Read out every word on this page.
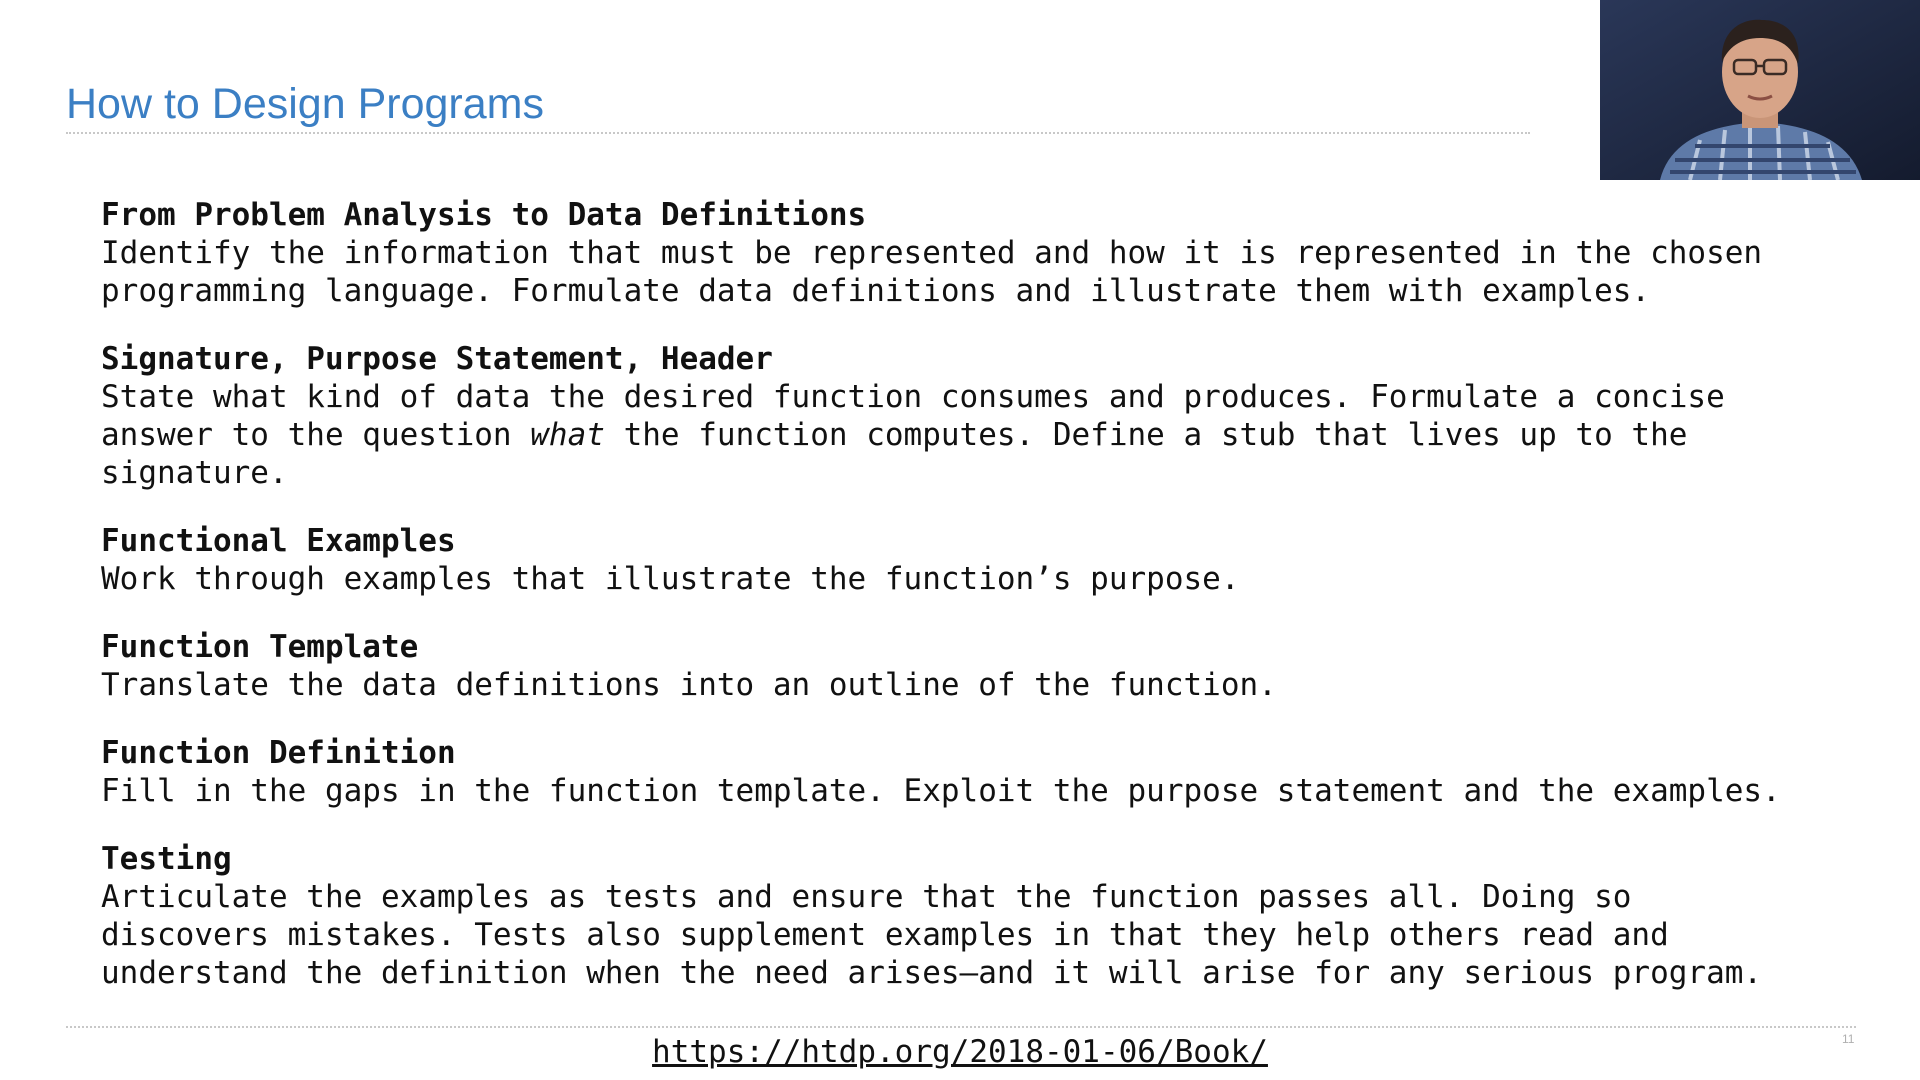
How to Design Programs
From Problem Analysis to Data Definitions
Identify the information that must be represented and how it is represented in the chosen
programming language. Formulate data definitions and illustrate them with examples.
Signature, Purpose Statement, Header
State what kind of data the desired function consumes and produces. Formulate a concise
answer to the question what the function computes. Define a stub that lives up to the
signature.
Functional Examples
Work through examples that illustrate the function’s purpose.
Function Template
Translate the data definitions into an outline of the function.
Function Definition
Fill in the gaps in the function template. Exploit the purpose statement and the examples.
Testing
Articulate the examples as tests and ensure that the function passes all. Doing so
discovers mistakes. Tests also supplement examples in that they help others read and
understand the definition when the need arises—and it will arise for any serious program.
11
https://htdp.org/2018-01-06/Book/
